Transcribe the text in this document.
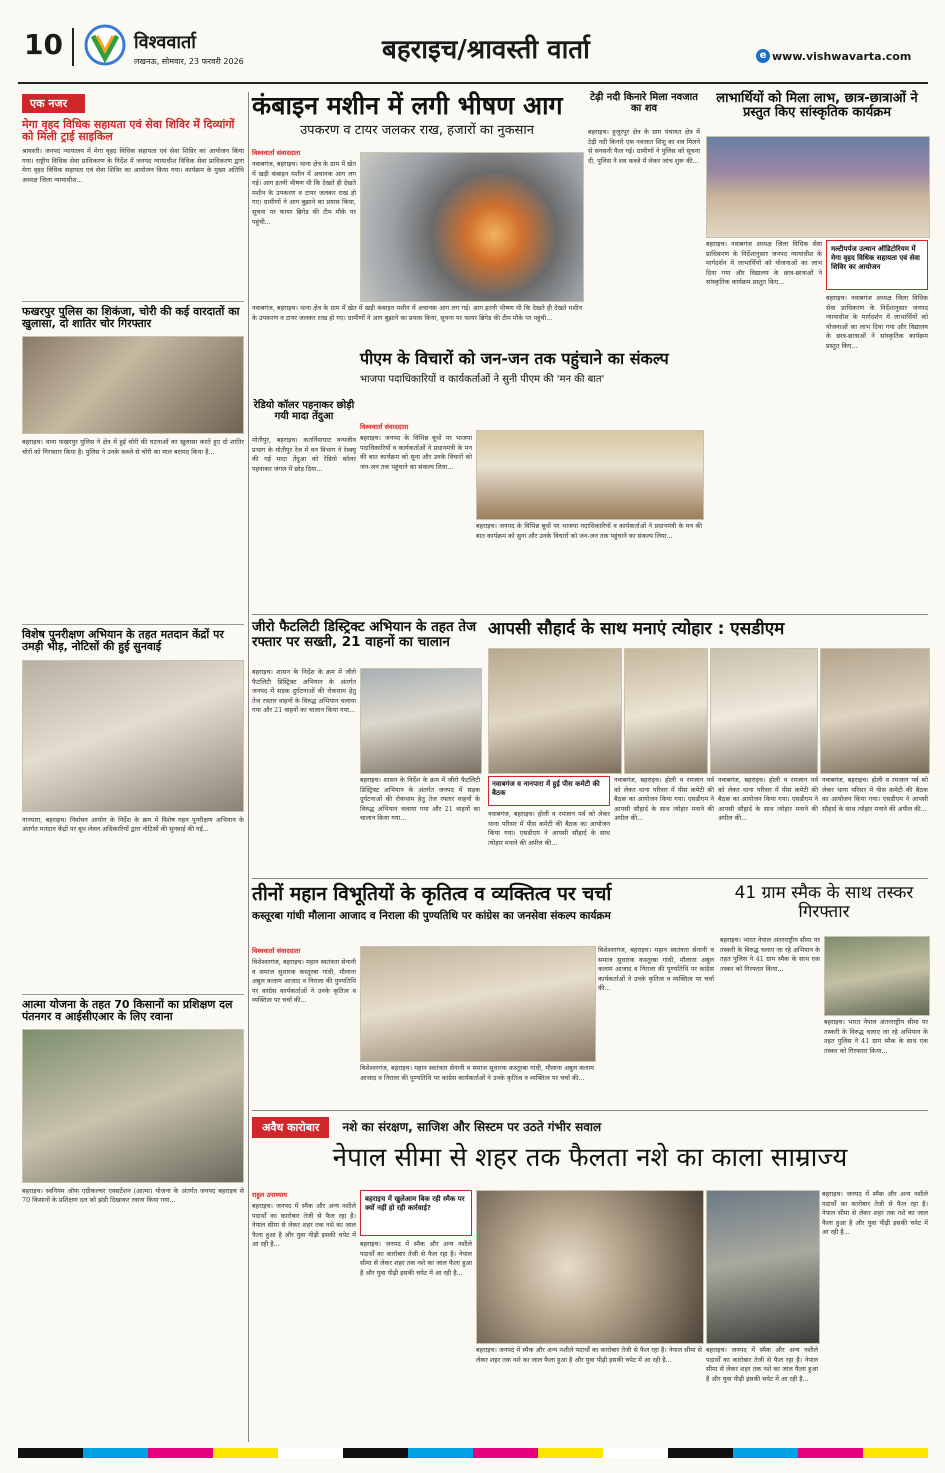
10	विश्ववार्ता
लखनऊ, सोमवार, 23 फरवरी 2026	बहराइच/श्रावस्ती वार्ता	e www.vishwavarta.com
एक नजर
मेगा वृहद विधिक सहायता एवं सेवा शिविर में दिव्यांगों को मिली ट्राई साइकिल

श्रावस्ती। जनपद न्यायालय में मेगा वृहद विधिक सहायता एवं सेवा शिविर का आयोजन किया गया। राष्ट्रीय विधिक सेवा प्राधिकरण के निर्देश में जनपद न्यायाधीश विधिक सेवा प्राधिकरण द्वारा मेगा वृहद विधिक सहायता एवं सेवा शिविर का आयोजन किया गया। कार्यक्रम के मुख्य अतिथि अध्यक्ष जिला न्यायाधीश...

फखरपुर पुलिस का शिकंजा, चोरी की कई वारदातों का खुलासा, दो शातिर चोर गिरफ्तार

बहराइच। थाना फखरपुर पुलिस ने क्षेत्र में हुई चोरी की घटनाओं का खुलासा करते हुए दो शातिर चोरों को गिरफ्तार किया है। पुलिस ने उनके कब्जे से चोरी का माल बरामद किया है...

विशेष पुनरीक्षण अभियान के तहत मतदान केंद्रों पर उमड़ी भीड़, नोटिसों की हुई सुनवाई

नानपारा, बहराइच। निर्वाचन आयोग के निर्देश के क्रम में विशेष गहन पुनरीक्षण अभियान के अंतर्गत मतदान केंद्रों पर बूथ लेवल अधिकारियों द्वारा नोटिसों की सुनवाई की गई...

आत्मा योजना के तहत 70 किसानों का प्रशिक्षण दल पंतनगर व आईसीएआर के लिए रवाना

बहराइच। स्वनियम ऑफ एग्रीकल्चर एक्सटेंशन (आत्मा) योजना के अंतर्गत जनपद बहराइच से 70 किसानों के प्रशिक्षण दल को झंडी दिखाकर रवाना किया गया...

कंबाइन मशीन में लगी भीषण आग
उपकरण व टायर जलकर राख, हजारों का नुकसान
विश्ववार्ता संवाददाता

नवाबगंज, बहराइच। थाना क्षेत्र के ग्राम में खेत में खड़ी कंबाइन मशीन में अचानक आग लग गई। आग इतनी भीषण थी कि देखते ही देखते मशीन के उपकरण व टायर जलकर राख हो गए। ग्रामीणों ने आग बुझाने का प्रयास किया, सूचना पर फायर ब्रिगेड की टीम मौके पर पहुंची...

नवाबगंज, बहराइच। थाना क्षेत्र के ग्राम में खेत में खड़ी कंबाइन मशीन में अचानक आग लग गई। आग इतनी भीषण थी कि देखते ही देखते मशीन के उपकरण व टायर जलकर राख हो गए। ग्रामीणों ने आग बुझाने का प्रयास किया, सूचना पर फायर ब्रिगेड की टीम मौके पर पहुंची...

रेडियो कॉलर पहनाकर छोड़ी गयी मादा तेंदुआ

मोतीपुर, बहराइच। कतर्नियाघाट वन्यजीव प्रभाग के मोतीपुर रेंज में वन विभाग ने रेस्क्यू की गई मादा तेंदुआ को रेडियो कॉलर पहनाकर जंगल में छोड़ दिया...

टेढ़ी नदी किनारे मिला नवजात का शव

बहराइच। हुजूरपुर क्षेत्र के ग्राम पंचायत क्षेत्र में टेढ़ी नदी किनारे एक नवजात शिशु का शव मिलने से सनसनी फैल गई। ग्रामीणों ने पुलिस को सूचना दी, पुलिस ने शव कब्जे में लेकर जांच शुरू की...

लाभार्थियों को मिला लाभ, छात्र-छात्राओं ने प्रस्तुत किए सांस्कृतिक कार्यक्रम
मल्टीपर्पज उत्थान ऑडिटोरियम में मेगा वृहद विधिक सहायता एवं सेवा शिविर का आयोजन

बहराइच। नवाबगंज अध्यक्ष जिला विधिक सेवा प्राधिकरण के निर्देशानुसार जनपद न्यायाधीश के मार्गदर्शन में लाभार्थियों को योजनाओं का लाभ दिया गया और विद्यालय के छात्र-छात्राओं ने सांस्कृतिक कार्यक्रम प्रस्तुत किए...

बहराइच। नवाबगंज अध्यक्ष जिला विधिक सेवा प्राधिकरण के निर्देशानुसार जनपद न्यायाधीश के मार्गदर्शन में लाभार्थियों को योजनाओं का लाभ दिया गया और विद्यालय के छात्र-छात्राओं ने सांस्कृतिक कार्यक्रम प्रस्तुत किए...

पीएम के विचारों को जन-जन तक पहुंचाने का संकल्प
भाजपा पदाधिकारियों व कार्यकर्ताओं ने सुनी पीएम की 'मन की बात'
विश्ववार्ता संवाददाता

बहराइच। जनपद के विभिन्न बूथों पर भाजपा पदाधिकारियों व कार्यकर्ताओं ने प्रधानमंत्री के मन की बात कार्यक्रम को सुना और उनके विचारों को जन-जन तक पहुंचाने का संकल्प लिया...

बहराइच। जनपद के विभिन्न बूथों पर भाजपा पदाधिकारियों व कार्यकर्ताओं ने प्रधानमंत्री के मन की बात कार्यक्रम को सुना और उनके विचारों को जन-जन तक पहुंचाने का संकल्प लिया...

जीरो फैटलिटी डिस्ट्रिक्ट अभियान के तहत तेज रफ्तार पर सख्ती, 21 वाहनों का चालान

बहराइच। शासन के निर्देश के क्रम में जीरो फैटलिटी डिस्ट्रिक्ट अभियान के अंतर्गत जनपद में सड़क दुर्घटनाओं की रोकथाम हेतु तेज रफ्तार वाहनों के विरुद्ध अभियान चलाया गया और 21 वाहनों का चालान किया गया...

बहराइच। शासन के निर्देश के क्रम में जीरो फैटलिटी डिस्ट्रिक्ट अभियान के अंतर्गत जनपद में सड़क दुर्घटनाओं की रोकथाम हेतु तेज रफ्तार वाहनों के विरुद्ध अभियान चलाया गया और 21 वाहनों का चालान किया गया...

आपसी सौहार्द के साथ मनाएं त्योहार : एसडीएम
नवाबगंज व नानपारा में हुई पीस कमेटी की बैठक

नवाबगंज, बहराइच। होली व रमजान पर्व को लेकर थाना परिसर में पीस कमेटी की बैठक का आयोजन किया गया। एसडीएम ने आपसी सौहार्द के साथ त्योहार मनाने की अपील की...

नवाबगंज, बहराइच। होली व रमजान पर्व को लेकर थाना परिसर में पीस कमेटी की बैठक का आयोजन किया गया। एसडीएम ने आपसी सौहार्द के साथ त्योहार मनाने की अपील की...

नवाबगंज, बहराइच। होली व रमजान पर्व को लेकर थाना परिसर में पीस कमेटी की बैठक का आयोजन किया गया। एसडीएम ने आपसी सौहार्द के साथ त्योहार मनाने की अपील की...

नवाबगंज, बहराइच। होली व रमजान पर्व को लेकर थाना परिसर में पीस कमेटी की बैठक का आयोजन किया गया। एसडीएम ने आपसी सौहार्द के साथ त्योहार मनाने की अपील की...

तीनों महान विभूतियों के कृतित्व व व्यक्तित्व पर चर्चा
कस्तूरबा गांधी मौलाना आजाद व निराला की पुण्यतिथि पर कांग्रेस का जनसेवा संकल्प कार्यक्रम
विश्ववार्ता संवाददाता

विशेश्वरगंज, बहराइच। महान स्वतंत्रता सेनानी व समाज सुधारक कस्तूरबा गांधी, मौलाना अबुल कलाम आजाद व निराला की पुण्यतिथि पर कांग्रेस कार्यकर्ताओं ने उनके कृतित्व व व्यक्तित्व पर चर्चा की...

विशेश्वरगंज, बहराइच। महान स्वतंत्रता सेनानी व समाज सुधारक कस्तूरबा गांधी, मौलाना अबुल कलाम आजाद व निराला की पुण्यतिथि पर कांग्रेस कार्यकर्ताओं ने उनके कृतित्व व व्यक्तित्व पर चर्चा की...

विशेश्वरगंज, बहराइच। महान स्वतंत्रता सेनानी व समाज सुधारक कस्तूरबा गांधी, मौलाना अबुल कलाम आजाद व निराला की पुण्यतिथि पर कांग्रेस कार्यकर्ताओं ने उनके कृतित्व व व्यक्तित्व पर चर्चा की...

41 ग्राम स्मैक के साथ तस्कर गिरफ्तार

बहराइच। भारत नेपाल अंतरराष्ट्रीय सीमा पर तस्करी के विरुद्ध चलाए जा रहे अभियान के तहत पुलिस ने 41 ग्राम स्मैक के साथ एक तस्कर को गिरफ्तार किया...

बहराइच। भारत नेपाल अंतरराष्ट्रीय सीमा पर तस्करी के विरुद्ध चलाए जा रहे अभियान के तहत पुलिस ने 41 ग्राम स्मैक के साथ एक तस्कर को गिरफ्तार किया...

अवैध कारोबार नशे का संरक्षण, साजिश और सिस्टम पर उठते गंभीर सवाल
नेपाल सीमा से शहर तक फैलता नशे का काला साम्राज्य
राहुल उपाध्याय

बहराइच। जनपद में स्मैक और अन्य नशीले पदार्थों का कारोबार तेजी से फैल रहा है। नेपाल सीमा से लेकर शहर तक नशे का जाल फैला हुआ है और युवा पीढ़ी इसकी चपेट में आ रही है...

बहराइच में खुलेआम बिक रही स्मैक पर क्यों नहीं हो रही कार्रवाई?

बहराइच। जनपद में स्मैक और अन्य नशीले पदार्थों का कारोबार तेजी से फैल रहा है। नेपाल सीमा से लेकर शहर तक नशे का जाल फैला हुआ है और युवा पीढ़ी इसकी चपेट में आ रही है...

बहराइच। जनपद में स्मैक और अन्य नशीले पदार्थों का कारोबार तेजी से फैल रहा है। नेपाल सीमा से लेकर शहर तक नशे का जाल फैला हुआ है और युवा पीढ़ी इसकी चपेट में आ रही है...

बहराइच। जनपद में स्मैक और अन्य नशीले पदार्थों का कारोबार तेजी से फैल रहा है। नेपाल सीमा से लेकर शहर तक नशे का जाल फैला हुआ है और युवा पीढ़ी इसकी चपेट में आ रही है...

बहराइच। जनपद में स्मैक और अन्य नशीले पदार्थों का कारोबार तेजी से फैल रहा है। नेपाल सीमा से लेकर शहर तक नशे का जाल फैला हुआ है और युवा पीढ़ी इसकी चपेट में आ रही है...
